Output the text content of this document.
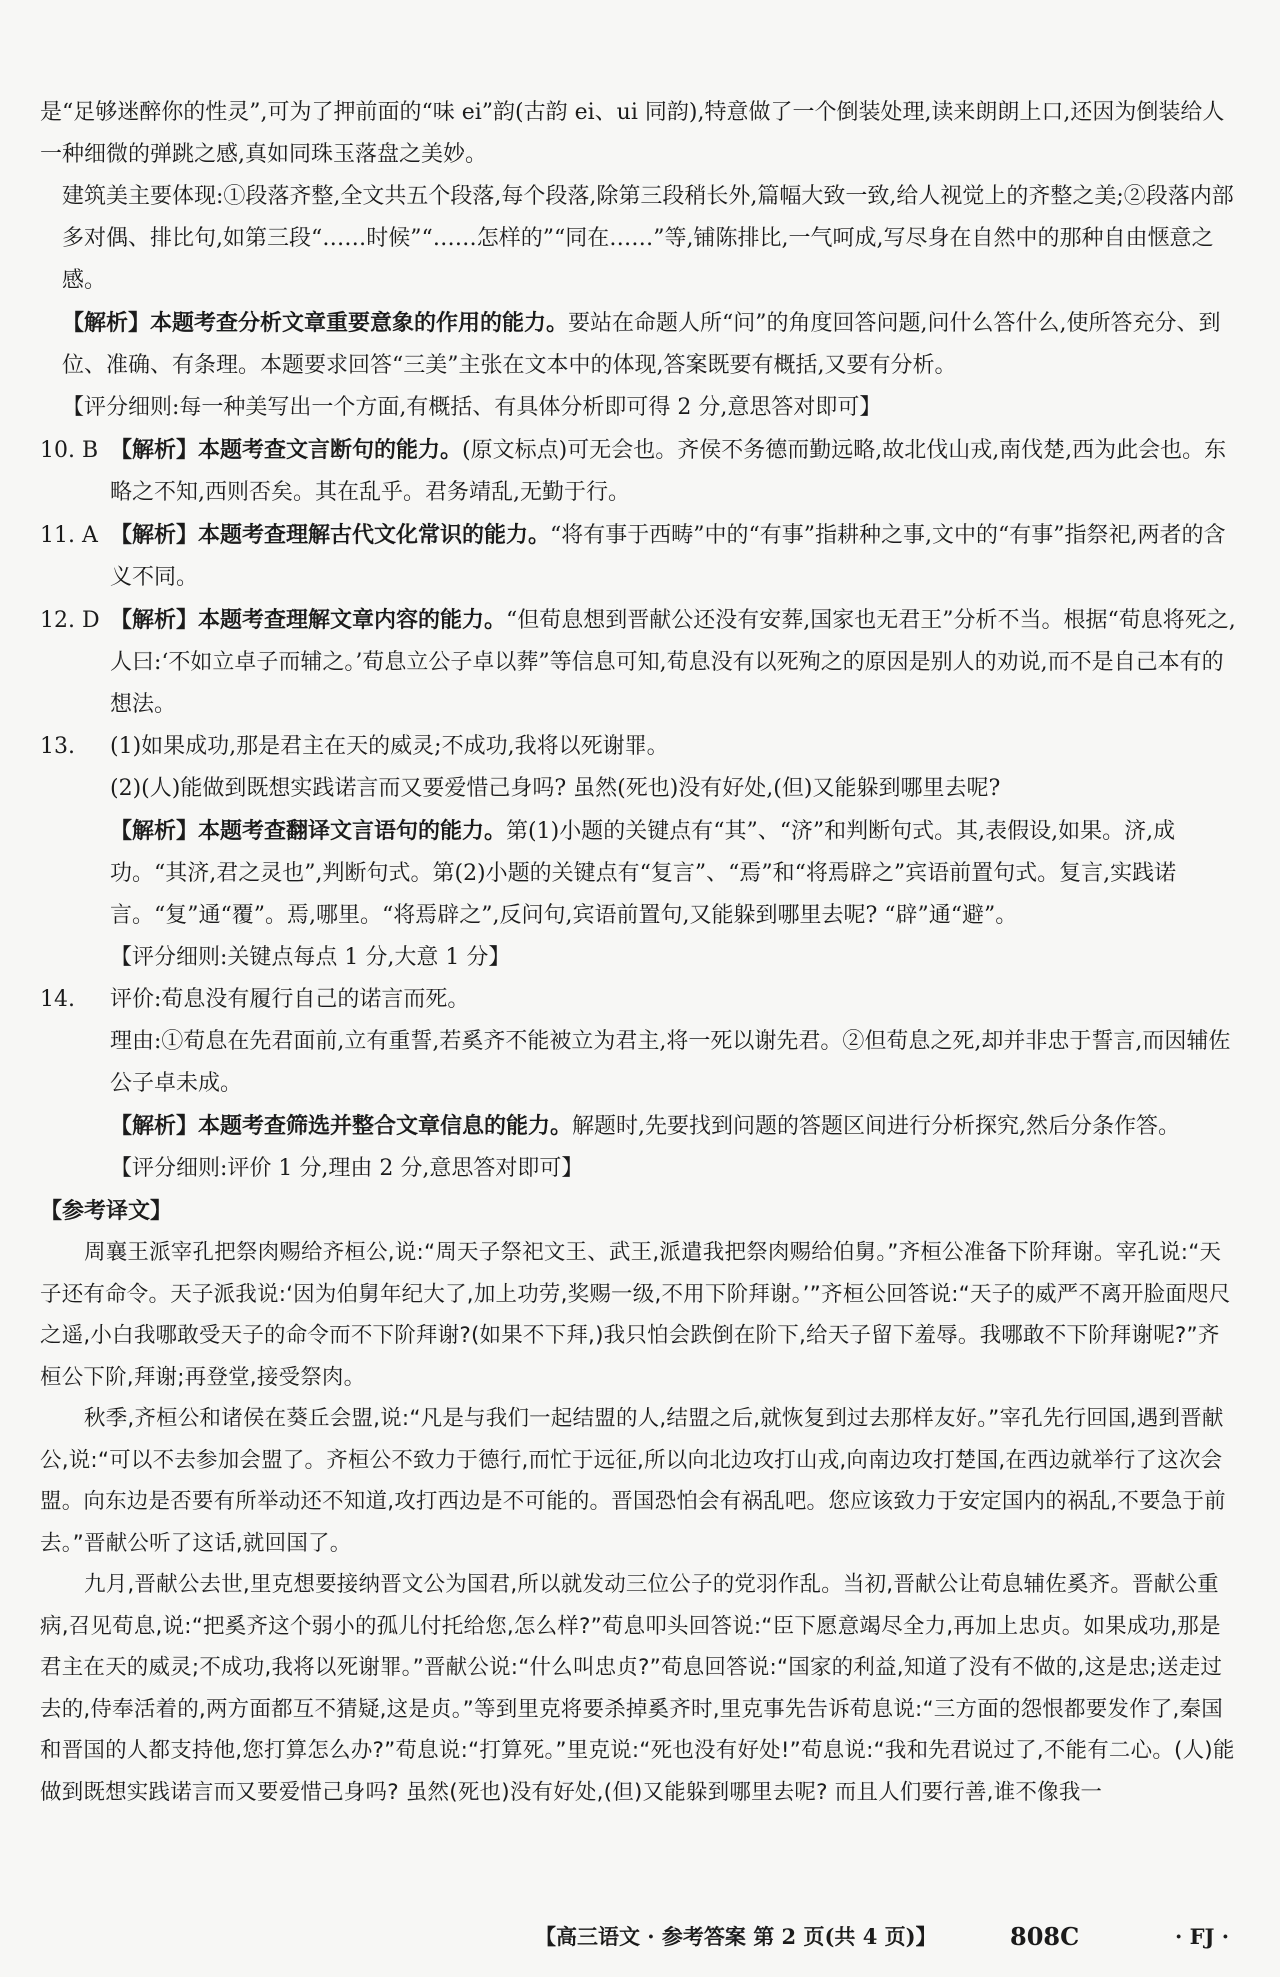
是“足够迷醉你的性灵”,可为了押前面的“味 ei”韵(古韵 ei、ui 同韵),特意做了一个倒装处理,读来朗朗上口,还因为倒装给人一种细微的弹跳之感,真如同珠玉落盘之美妙。

建筑美主要体现:①段落齐整,全文共五个段落,每个段落,除第三段稍长外,篇幅大致一致,给人视觉上的齐整之美;②段落内部多对偶、排比句,如第三段“……时候”“……怎样的”“同在……”等,铺陈排比,一气呵成,写尽身在自然中的那种自由惬意之感。

【解析】本题考查分析文章重要意象的作用的能力。要站在命题人所“问”的角度回答问题,问什么答什么,使所答充分、到位、准确、有条理。本题要求回答“三美”主张在文本中的体现,答案既要有概括,又要有分析。

【评分细则:每一种美写出一个方面,有概括、有具体分析即可得 2 分,意思答对即可】

10. B 【解析】本题考查文言断句的能力。(原文标点)可无会也。齐侯不务德而勤远略,故北伐山戎,南伐楚,西为此会也。东略之不知,西则否矣。其在乱乎。君务靖乱,无勤于行。

11. A 【解析】本题考查理解古代文化常识的能力。“将有事于西畴”中的“有事”指耕种之事,文中的“有事”指祭祀,两者的含义不同。

12. D 【解析】本题考查理解文章内容的能力。“但荀息想到晋献公还没有安葬,国家也无君王”分析不当。根据“荀息将死之,人曰:‘不如立卓子而辅之。’荀息立公子卓以葬”等信息可知,荀息没有以死殉之的原因是别人的劝说,而不是自己本有的想法。

13. (1)如果成功,那是君主在天的威灵;不成功,我将以死谢罪。

(2)(人)能做到既想实践诺言而又要爱惜己身吗? 虽然(死也)没有好处,(但)又能躲到哪里去呢?

【解析】本题考查翻译文言语句的能力。第(1)小题的关键点有“其”、“济”和判断句式。其,表假设,如果。济,成功。“其济,君之灵也”,判断句式。第(2)小题的关键点有“复言”、“焉”和“将焉辟之”宾语前置句式。复言,实践诺言。“复”通“覆”。焉,哪里。“将焉辟之”,反问句,宾语前置句,又能躲到哪里去呢? “辟”通“避”。

【评分细则:关键点每点 1 分,大意 1 分】

14. 评价:荀息没有履行自己的诺言而死。

理由:①荀息在先君面前,立有重誓,若奚齐不能被立为君主,将一死以谢先君。②但荀息之死,却并非忠于誓言,而因辅佐公子卓未成。

【解析】本题考查筛选并整合文章信息的能力。解题时,先要找到问题的答题区间进行分析探究,然后分条作答。

【评分细则:评价 1 分,理由 2 分,意思答对即可】

【参考译文】

周襄王派宰孔把祭肉赐给齐桓公,说:“周天子祭祀文王、武王,派遣我把祭肉赐给伯舅。”齐桓公准备下阶拜谢。宰孔说:“天子还有命令。天子派我说:‘因为伯舅年纪大了,加上功劳,奖赐一级,不用下阶拜谢。’”齐桓公回答说:“天子的威严不离开脸面咫尺之遥,小白我哪敢受天子的命令而不下阶拜谢?(如果不下拜,)我只怕会跌倒在阶下,给天子留下羞辱。我哪敢不下阶拜谢呢?”齐桓公下阶,拜谢;再登堂,接受祭肉。

秋季,齐桓公和诸侯在葵丘会盟,说:“凡是与我们一起结盟的人,结盟之后,就恢复到过去那样友好。”宰孔先行回国,遇到晋献公,说:“可以不去参加会盟了。齐桓公不致力于德行,而忙于远征,所以向北边攻打山戎,向南边攻打楚国,在西边就举行了这次会盟。向东边是否要有所举动还不知道,攻打西边是不可能的。晋国恐怕会有祸乱吧。您应该致力于安定国内的祸乱,不要急于前去。”晋献公听了这话,就回国了。

九月,晋献公去世,里克想要接纳晋文公为国君,所以就发动三位公子的党羽作乱。当初,晋献公让荀息辅佐奚齐。晋献公重病,召见荀息,说:“把奚齐这个弱小的孤儿付托给您,怎么样?”荀息叩头回答说:“臣下愿意竭尽全力,再加上忠贞。如果成功,那是君主在天的威灵;不成功,我将以死谢罪。”晋献公说:“什么叫忠贞?”荀息回答说:“国家的利益,知道了没有不做的,这是忠;送走过去的,侍奉活着的,两方面都互不猜疑,这是贞。”等到里克将要杀掉奚齐时,里克事先告诉荀息说:“三方面的怨恨都要发作了,秦国和晋国的人都支持他,您打算怎么办?”荀息说:“打算死。”里克说:“死也没有好处!”荀息说:“我和先君说过了,不能有二心。(人)能做到既想实践诺言而又要爱惜己身吗? 虽然(死也)没有好处,(但)又能躲到哪里去呢? 而且人们要行善,谁不像我一

【高三语文 · 参考答案 第 2 页(共 4 页)】	808C	· FJ ·
